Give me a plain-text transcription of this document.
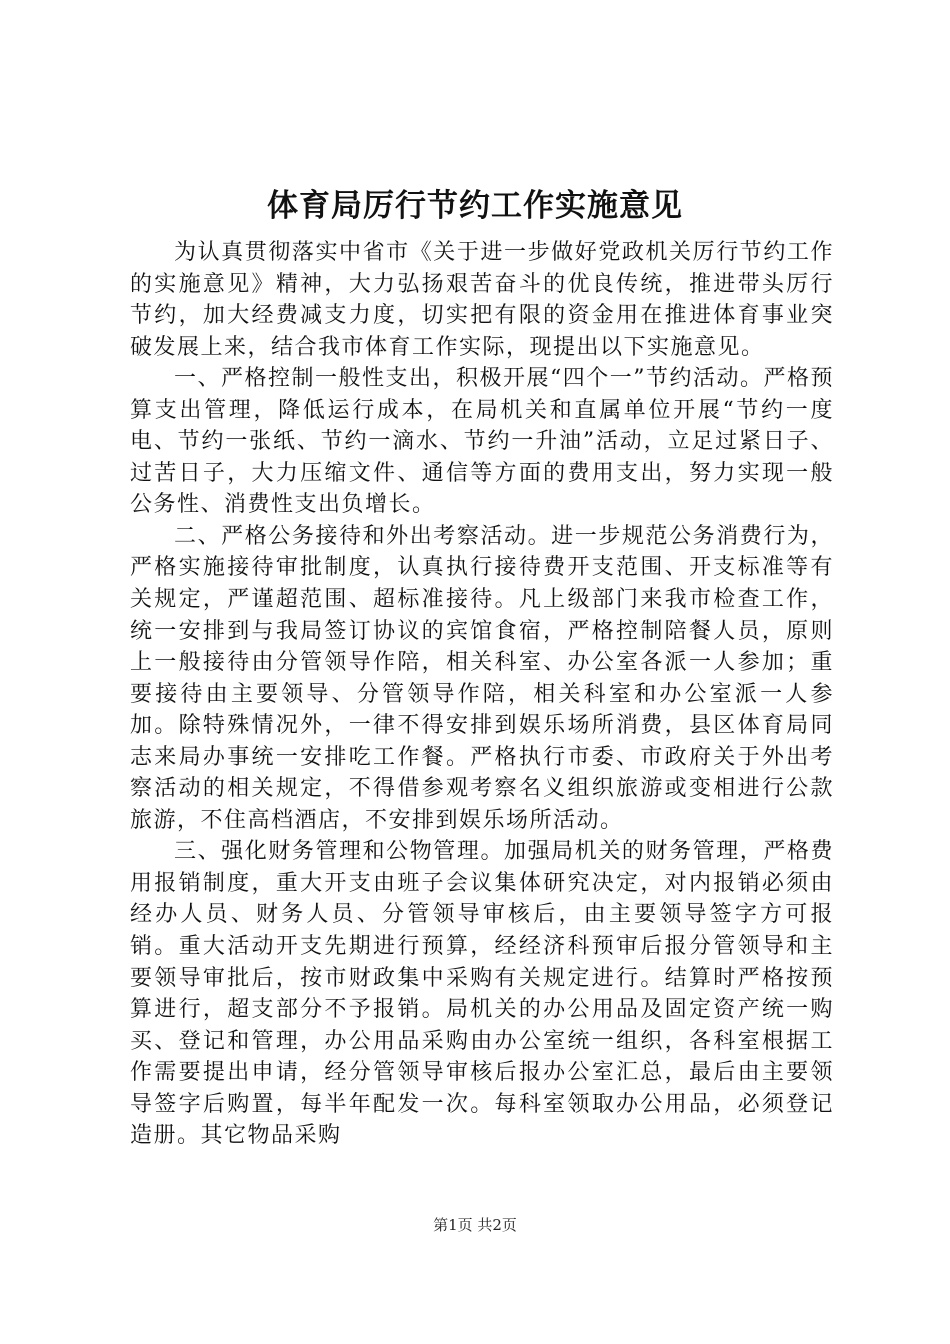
体育局厉行节约工作实施意见

为认真贯彻落实中省市《关于进一步做好党政机关厉行节约工作的实施意见》精神，大力弘扬艰苦奋斗的优良传统，推进带头厉行节约，加大经费减支力度，切实把有限的资金用在推进体育事业突破发展上来，结合我市体育工作实际，现提出以下实施意见。

一、严格控制一般性支出，积极开展“四个一”节约活动。严格预算支出管理，降低运行成本，在局机关和直属单位开展“节约一度电、节约一张纸、节约一滴水、节约一升油”活动，立足过紧日子、过苦日子，大力压缩文件、通信等方面的费用支出，努力实现一般公务性、消费性支出负增长。

二、严格公务接待和外出考察活动。进一步规范公务消费行为，严格实施接待审批制度，认真执行接待费开支范围、开支标准等有关规定，严谨超范围、超标准接待。凡上级部门来我市检查工作，统一安排到与我局签订协议的宾馆食宿，严格控制陪餐人员，原则上一般接待由分管领导作陪，相关科室、办公室各派一人参加；重要接待由主要领导、分管领导作陪，相关科室和办公室派一人参加。除特殊情况外，一律不得安排到娱乐场所消费，县区体育局同志来局办事统一安排吃工作餐。严格执行市委、市政府关于外出考察活动的相关规定，不得借参观考察名义组织旅游或变相进行公款旅游，不住高档酒店，不安排到娱乐场所活动。

三、强化财务管理和公物管理。加强局机关的财务管理，严格费用报销制度，重大开支由班子会议集体研究决定，对内报销必须由经办人员、财务人员、分管领导审核后，由主要领导签字方可报销。重大活动开支先期进行预算，经经济科预审后报分管领导和主要领导审批后，按市财政集中采购有关规定进行。结算时严格按预算进行，超支部分不予报销。局机关的办公用品及固定资产统一购买、登记和管理，办公用品采购由办公室统一组织，各科室根据工作需要提出申请，经分管领导审核后报办公室汇总，最后由主要领导签字后购置，每半年配发一次。每科室领取办公用品，必须登记造册。其它物品采购

第1页 共2页
